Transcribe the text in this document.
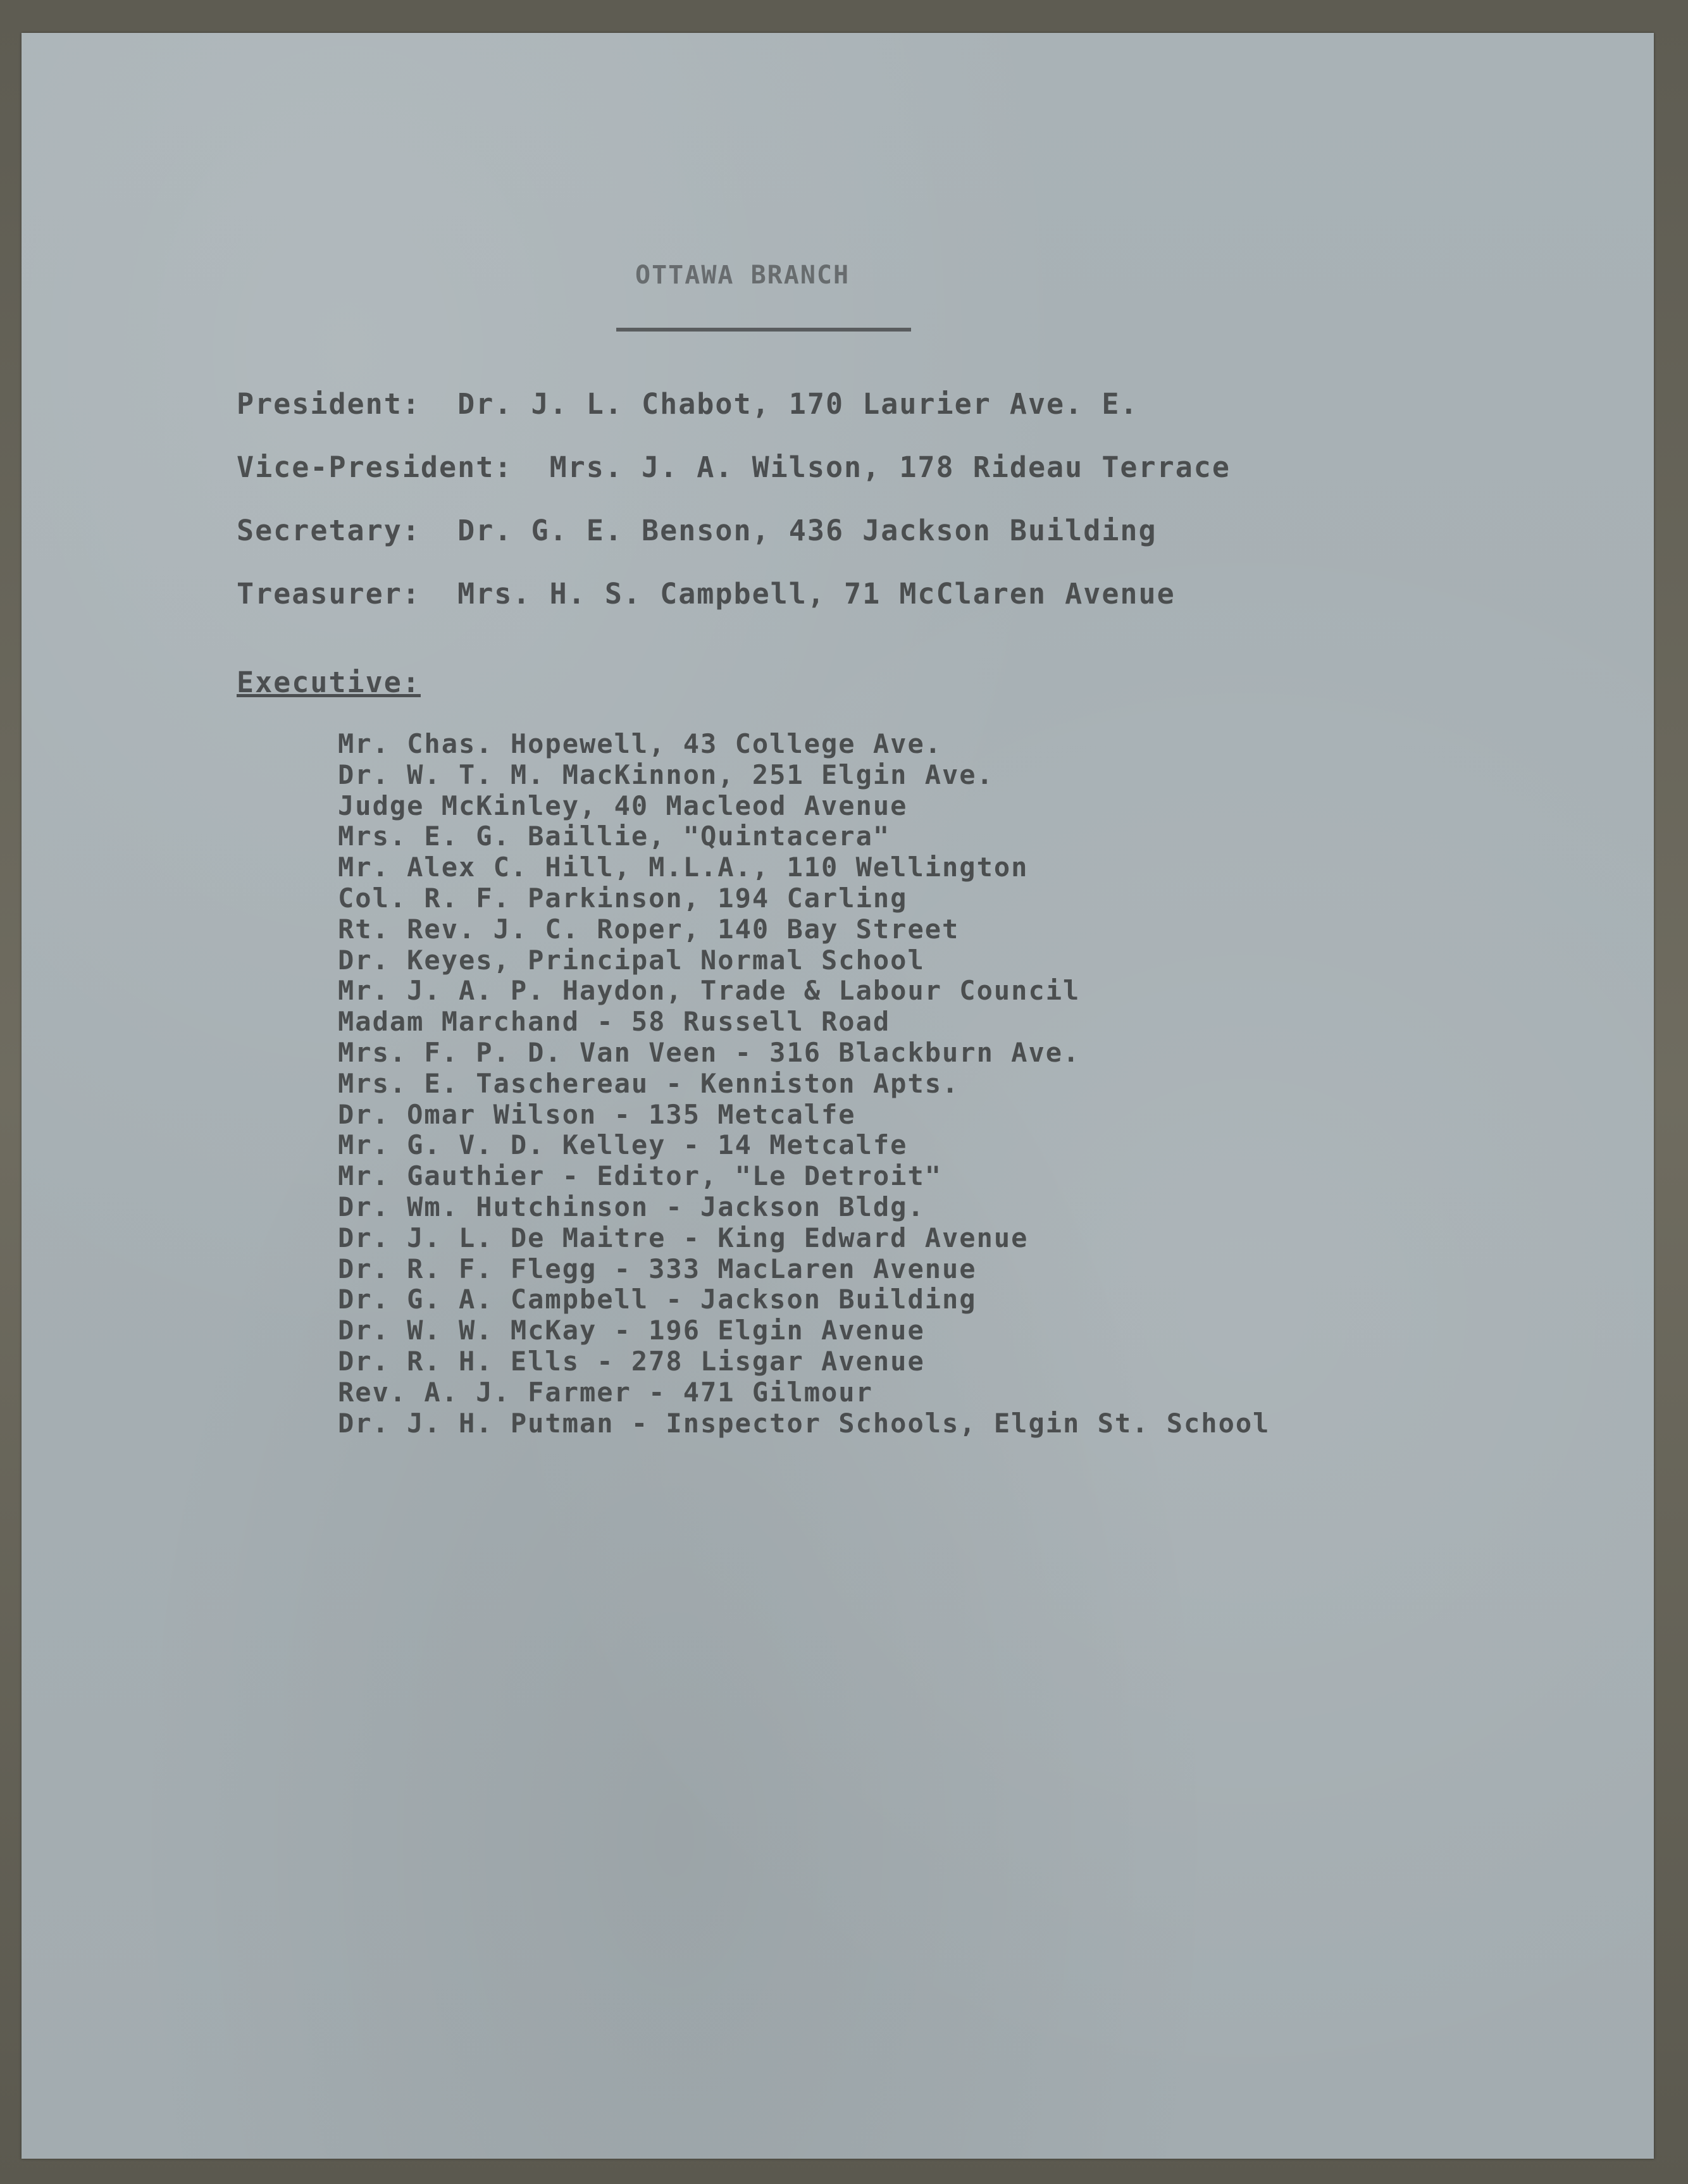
OTTAWA BRANCH
President:  Dr. J. L. Chabot, 170 Laurier Ave. E.
Vice-President:  Mrs. J. A. Wilson, 178 Rideau Terrace
Secretary:  Dr. G. E. Benson, 436 Jackson Building
Treasurer:  Mrs. H. S. Campbell, 71 McClaren Avenue
Executive:
Mr. Chas. Hopewell, 43 College Ave.
Dr. W. T. M. MacKinnon, 251 Elgin Ave.
Judge McKinley, 40 Macleod Avenue
Mrs. E. G. Baillie, "Quintacera"
Mr. Alex C. Hill, M.L.A., 110 Wellington
Col. R. F. Parkinson, 194 Carling
Rt. Rev. J. C. Roper, 140 Bay Street
Dr. Keyes, Principal Normal School
Mr. J. A. P. Haydon, Trade & Labour Council
Madam Marchand - 58 Russell Road
Mrs. F. P. D. Van Veen - 316 Blackburn Ave.
Mrs. E. Taschereau - Kenniston Apts.
Dr. Omar Wilson - 135 Metcalfe
Mr. G. V. D. Kelley - 14 Metcalfe
Mr. Gauthier - Editor, "Le Detroit"
Dr. Wm. Hutchinson - Jackson Bldg.
Dr. J. L. De Maitre - King Edward Avenue
Dr. R. F. Flegg - 333 MacLaren Avenue
Dr. G. A. Campbell - Jackson Building
Dr. W. W. McKay - 196 Elgin Avenue
Dr. R. H. Ells - 278 Lisgar Avenue
Rev. A. J. Farmer - 471 Gilmour
Dr. J. H. Putman - Inspector Schools, Elgin St. School
